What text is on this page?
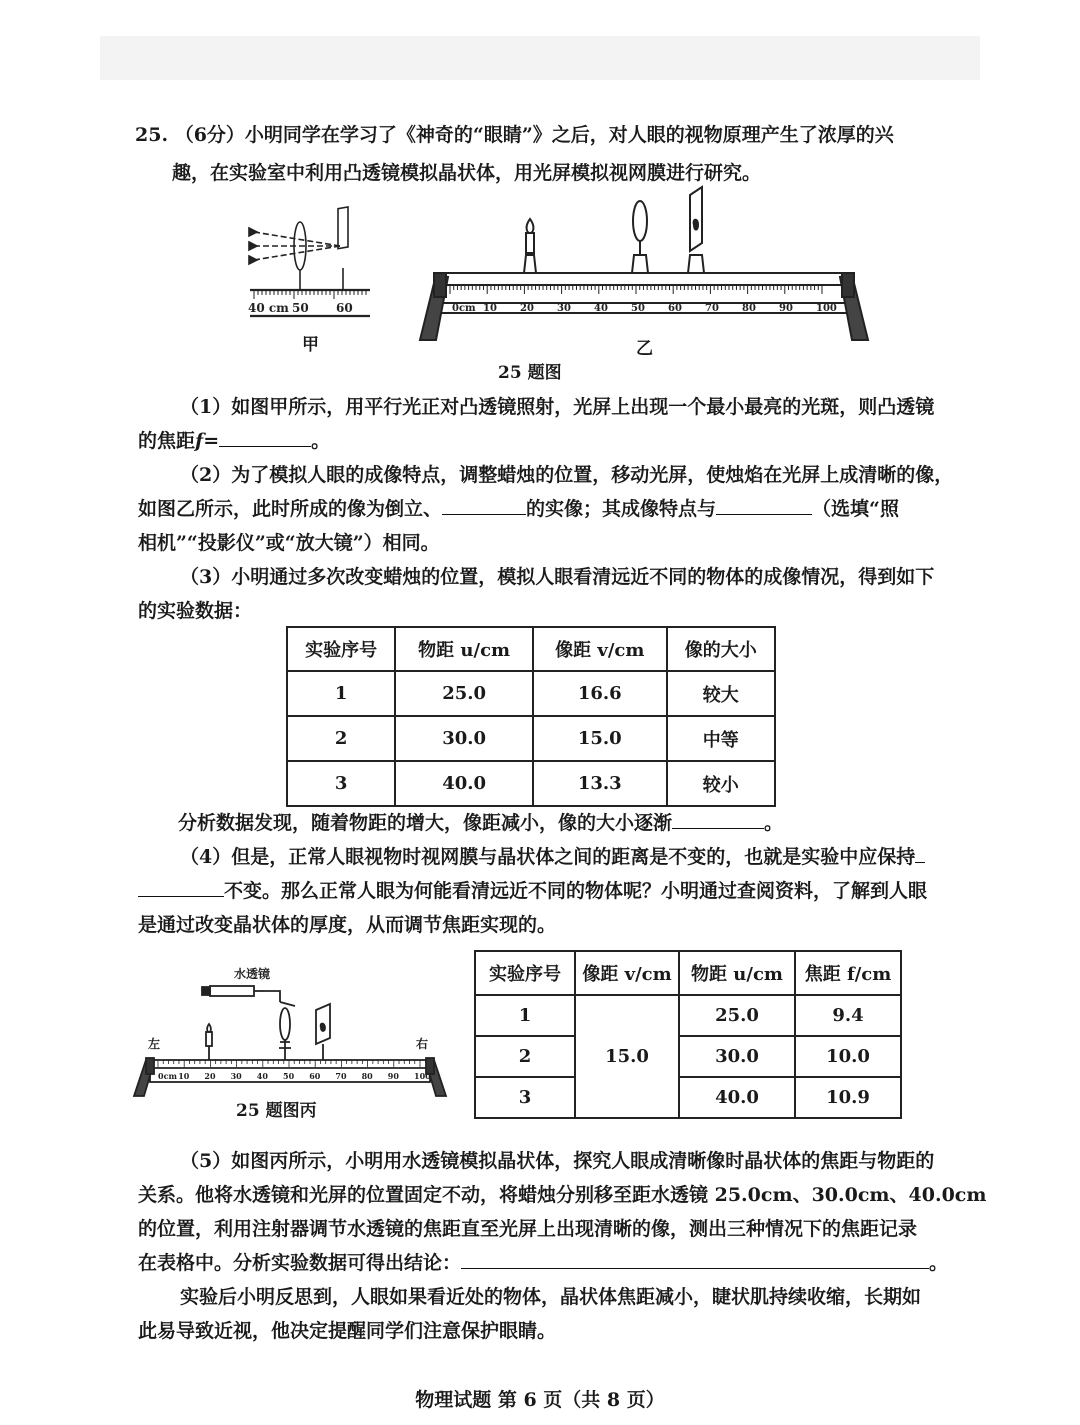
25. （6分）小明同学在学习了《神奇的“眼睛”》之后，对人眼的视物原理产生了浓厚的兴
趣，在实验室中利用凸透镜模拟晶状体，用光屏模拟视网膜进行研究。
40 cm 50 60
甲
0cm 10 20 30 40 50 60 70 80 90 100
乙
25 题图
（1）如图甲所示，用平行光正对凸透镜照射，光屏上出现一个最小最亮的光斑，则凸透镜
的焦距f=	。
（2）为了模拟人眼的成像特点，调整蜡烛的位置，移动光屏，使烛焰在光屏上成清晰的像，
如图乙所示，此时所成的像为倒立、	的实像；其成像特点与	（选填“照
相机”“投影仪”或“放大镜”）相同。
（3）小明通过多次改变蜡烛的位置，模拟人眼看清远近不同的物体的成像情况，得到如下
的实验数据：
实验序号	物距 u/cm	像距 v/cm	像的大小
1	25.0	16.6	较大
2	30.0	15.0	中等
3	40.0	13.3	较小
分析数据发现，随着物距的增大，像距减小，像的大小逐渐	。
（4）但是，正常人眼视物时视网膜与晶状体之间的距离是不变的，也就是实验中应保持
不变。那么正常人眼为何能看清远近不同的物体呢？小明通过查阅资料，了解到人眼
是通过改变晶状体的厚度，从而调节焦距实现的。
0cm 10 20 30 40 50 60 70 80 90 100
水透镜
左	右
25 题图丙
实验序号	像距 v/cm	物距 u/cm	焦距 f/cm
1	15.0	25.0	9.4
2		30.0	10.0
3		40.0	10.9
（5）如图丙所示，小明用水透镜模拟晶状体，探究人眼成清晰像时晶状体的焦距与物距的
关系。他将水透镜和光屏的位置固定不动，将蜡烛分别移至距水透镜 25.0cm、30.0cm、40.0cm
的位置，利用注射器调节水透镜的焦距直至光屏上出现清晰的像，测出三种情况下的焦距记录
在表格中。分析实验数据可得出结论：	。
实验后小明反思到，人眼如果看近处的物体，晶状体焦距减小，睫状肌持续收缩，长期如
此易导致近视，他决定提醒同学们注意保护眼睛。
物理试题 第 6 页（共 8 页）
